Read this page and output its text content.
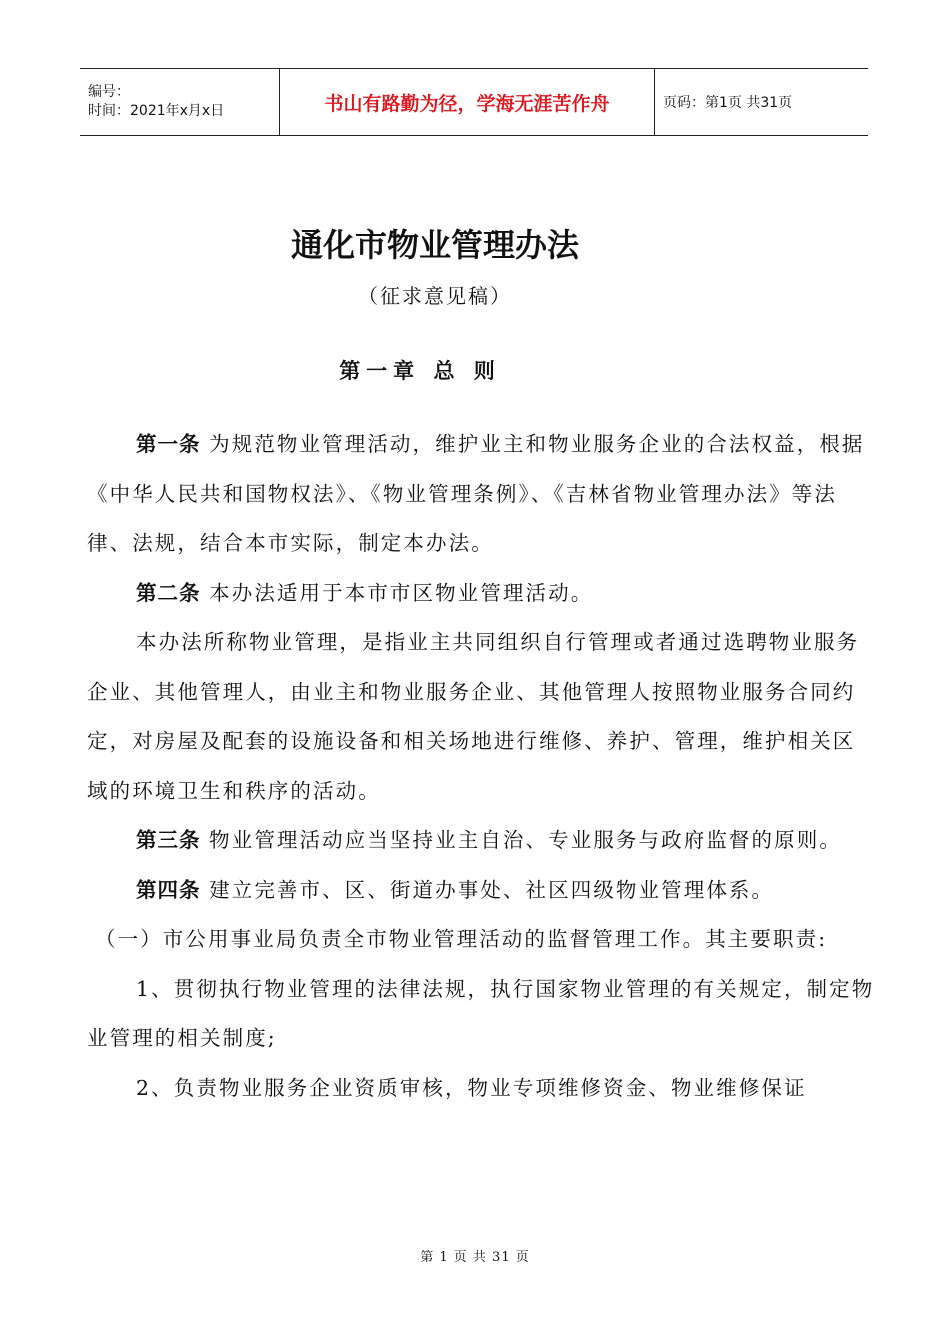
编号：
时间：2021年x月x日	书山有路勤为径，学海无涯苦作舟	页码：第1页 共31页
通化市物业管理办法
（征求意见稿）
第一章 总 则

第一条 为规范物业管理活动，维护业主和物业服务企业的合法权益，根据《中华人民共和国物权法》、《物业管理条例》、《吉林省物业管理办法》等法律、法规，结合本市实际，制定本办法。

第二条 本办法适用于本市市区物业管理活动。

本办法所称物业管理，是指业主共同组织自行管理或者通过选聘物业服务企业、其他管理人，由业主和物业服务企业、其他管理人按照物业服务合同约定，对房屋及配套的设施设备和相关场地进行维修、养护、管理，维护相关区域的环境卫生和秩序的活动。

第三条 物业管理活动应当坚持业主自治、专业服务与政府监督的原则。

第四条 建立完善市、区、街道办事处、社区四级物业管理体系。

（一）市公用事业局负责全市物业管理活动的监督管理工作。其主要职责:

1、贯彻执行物业管理的法律法规，执行国家物业管理的有关规定，制定物业管理的相关制度;

2、负责物业服务企业资质审核，物业专项维修资金、物业维修保证

第 1 页 共 31 页
